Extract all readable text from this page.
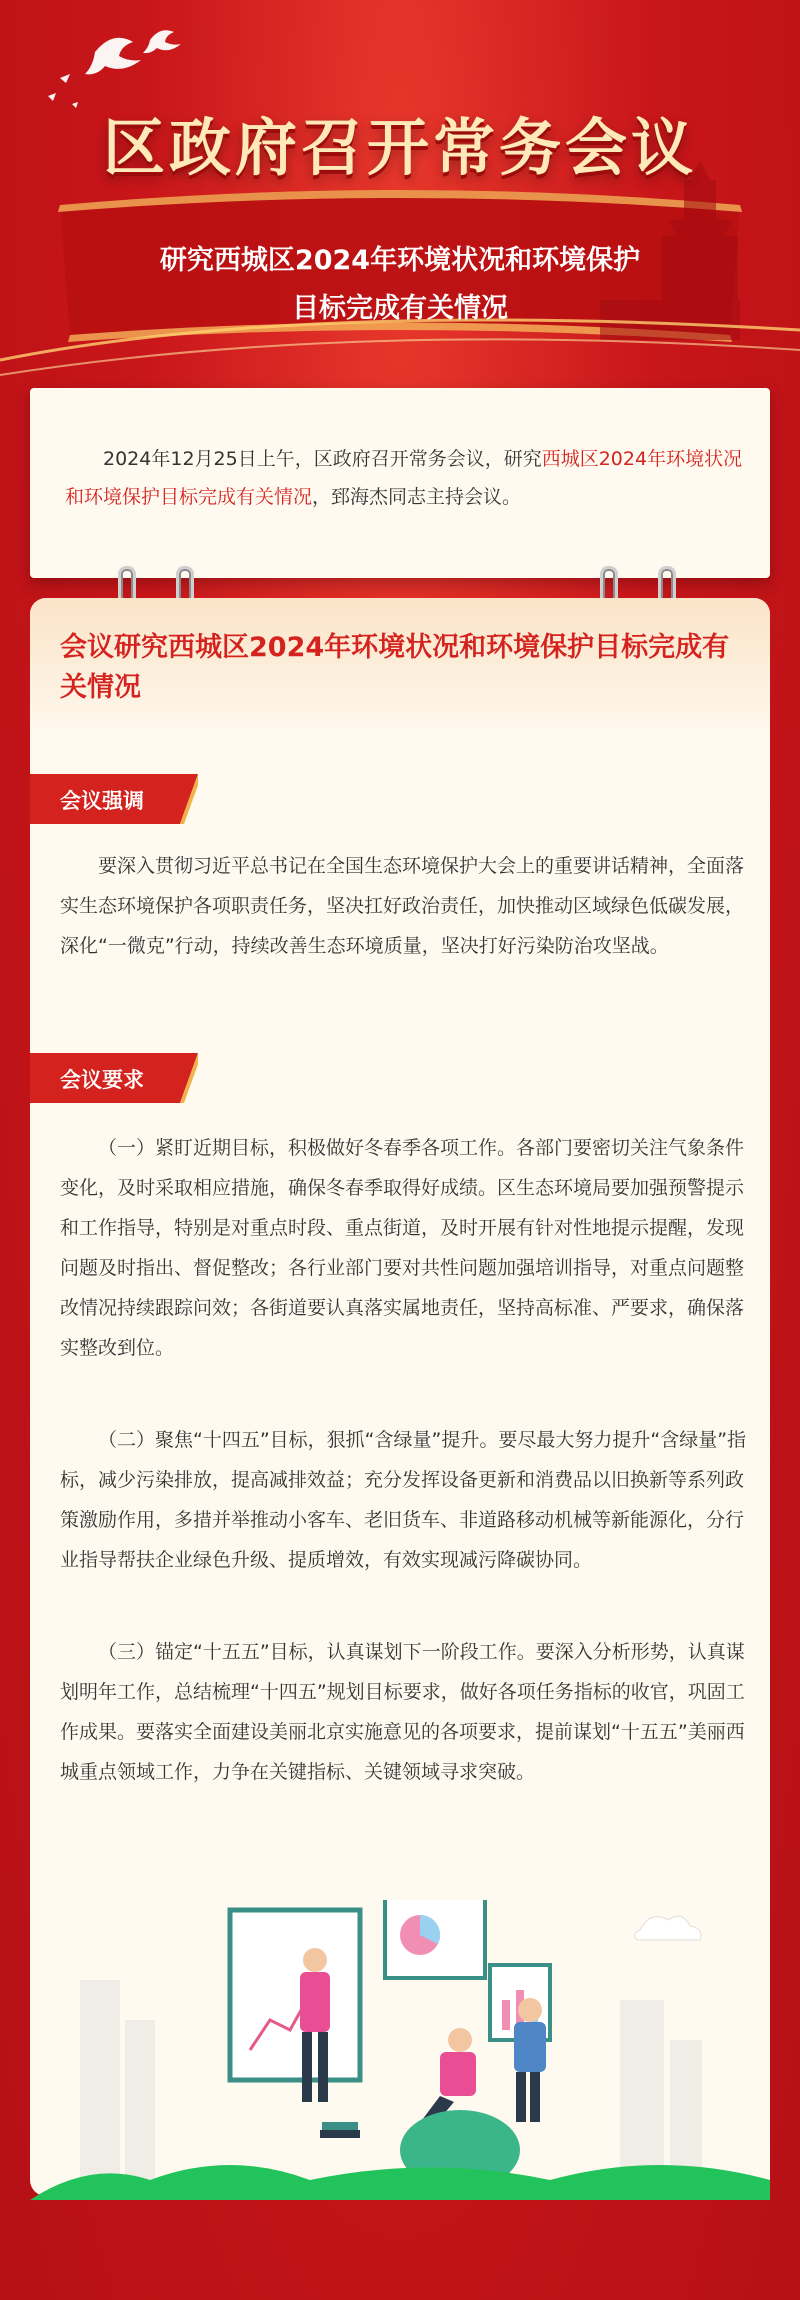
区政府召开常务会议
研究西城区2024年环境状况和环境保护
目标完成有关情况
2024年12月25日上午，区政府召开常务会议，研究西城区2024年环境状况和环境保护目标完成有关情况，郅海杰同志主持会议。
会议研究西城区2024年环境状况和环境保护目标完成有关情况
会议强调
要深入贯彻习近平总书记在全国生态环境保护大会上的重要讲话精神，全面落实生态环境保护各项职责任务，坚决扛好政治责任，加快推动区域绿色低碳发展，深化“一微克”行动，持续改善生态环境质量，坚决打好污染防治攻坚战。
会议要求
（一）紧盯近期目标，积极做好冬春季各项工作。各部门要密切关注气象条件变化，及时采取相应措施，确保冬春季取得好成绩。区生态环境局要加强预警提示和工作指导，特别是对重点时段、重点街道，及时开展有针对性地提示提醒，发现问题及时指出、督促整改；各行业部门要对共性问题加强培训指导，对重点问题整改情况持续跟踪问效；各街道要认真落实属地责任，坚持高标准、严要求，确保落实整改到位。
（二）聚焦“十四五”目标，狠抓“含绿量”提升。要尽最大努力提升“含绿量”指标，减少污染排放，提高减排效益；充分发挥设备更新和消费品以旧换新等系列政策激励作用，多措并举推动小客车、老旧货车、非道路移动机械等新能源化，分行业指导帮扶企业绿色升级、提质增效，有效实现减污降碳协同。
（三）锚定“十五五”目标，认真谋划下一阶段工作。要深入分析形势，认真谋划明年工作，总结梳理“十四五”规划目标要求，做好各项任务指标的收官，巩固工作成果。要落实全面建设美丽北京实施意见的各项要求，提前谋划“十五五”美丽西城重点领域工作，力争在关键指标、关键领域寻求突破。
